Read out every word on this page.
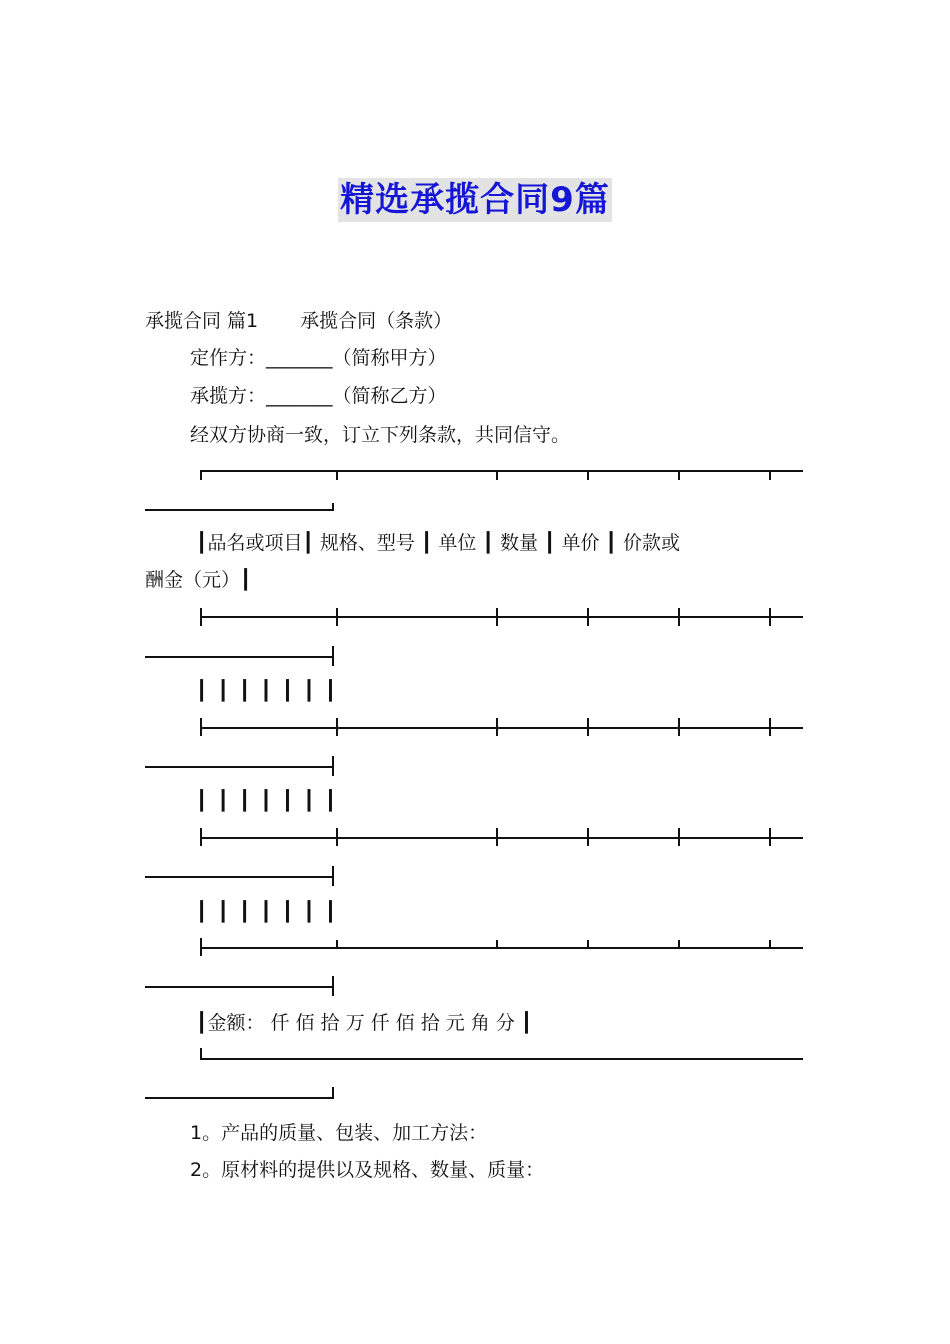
精选承揽合同9篇
承揽合同 篇1 承揽合同（条款）
定作方：_______（简称甲方）
承揽方：_______（简称乙方）
经双方协商一致，订立下列条款，共同信守。
┃品名或项目┃ 规格、型号 ┃ 单位 ┃ 数量 ┃ 单价 ┃ 价款或
酬金（元）┃
┃ ┃ ┃ ┃ ┃ ┃ ┃
┃ ┃ ┃ ┃ ┃ ┃ ┃
┃ ┃ ┃ ┃ ┃ ┃ ┃
┃金额： 仟 佰 拾 万 仟 佰 拾 元 角 分 ┃
1。产品的质量、包装、加工方法：
2。原材料的提供以及规格、数量、质量：
